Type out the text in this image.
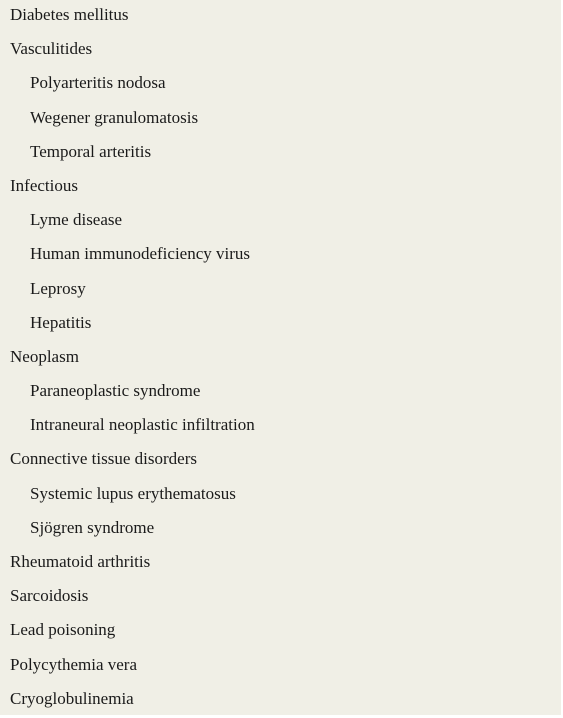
Diabetes mellitus
Vasculitides
Polyarteritis nodosa
Wegener granulomatosis
Temporal arteritis
Infectious
Lyme disease
Human immunodeficiency virus
Leprosy
Hepatitis
Neoplasm
Paraneoplastic syndrome
Intraneural neoplastic infiltration
Connective tissue disorders
Systemic lupus erythematosus
Sjögren syndrome
Rheumatoid arthritis
Sarcoidosis
Lead poisoning
Polycythemia vera
Cryoglobulinemia
